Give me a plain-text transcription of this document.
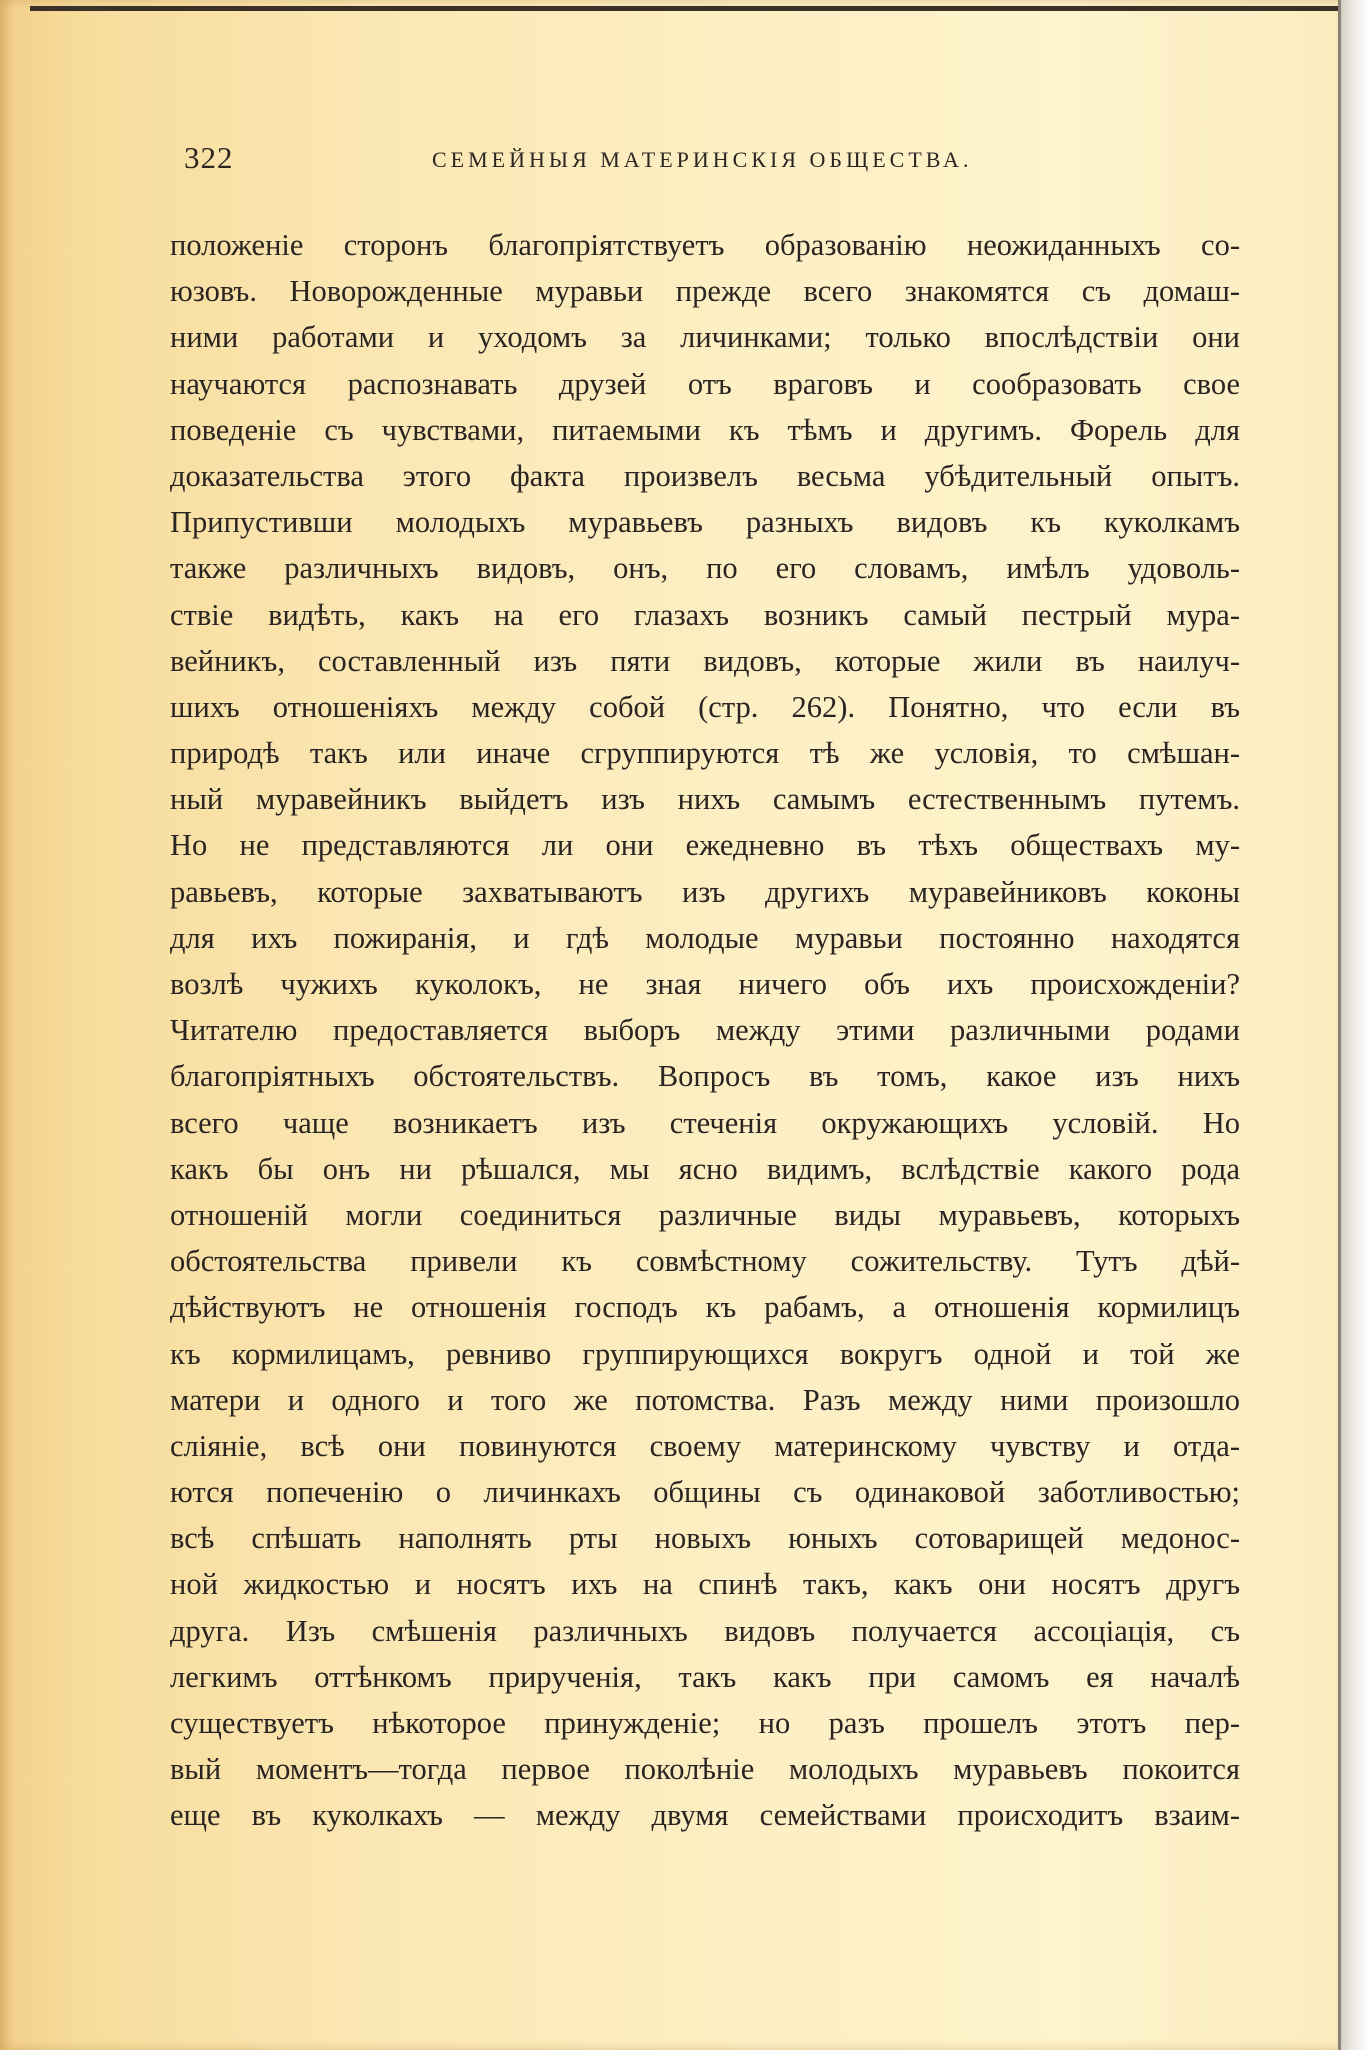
322	СЕМЕЙНЫЯ МАТЕРИНСКІЯ ОБЩЕСТВА.
положеніе сторонъ благопріятствуетъ образованію неожиданныхъ со-
юзовъ. Новорожденные муравьи прежде всего знакомятся съ домаш-
ними работами и уходомъ за личинками; только впослѣдствіи они
научаются распознавать друзей отъ враговъ и сообразовать свое
поведеніе съ чувствами, питаемыми къ тѣмъ и другимъ. Форель для
доказательства этого факта произвелъ весьма убѣдительный опытъ.
Припустивши молодыхъ муравьевъ разныхъ видовъ къ куколкамъ
также различныхъ видовъ, онъ, по его словамъ, имѣлъ удоволь-
ствіе видѣть, какъ на его глазахъ возникъ самый пестрый мура-
вейникъ, составленный изъ пяти видовъ, которые жили въ наилуч-
шихъ отношеніяхъ между собой (стр. 262). Понятно, что если въ
природѣ такъ или иначе сгруппируются тѣ же условія, то смѣшан-
ный муравейникъ выйдетъ изъ нихъ самымъ естественнымъ путемъ.
Но не представляются ли они ежедневно въ тѣхъ обществахъ му-
равьевъ, которые захватываютъ изъ другихъ муравейниковъ коконы
для ихъ пожиранія, и гдѣ молодые муравьи постоянно находятся
возлѣ чужихъ куколокъ, не зная ничего объ ихъ происхожденіи?
Читателю предоставляется выборъ между этими различными родами
благопріятныхъ обстоятельствъ. Вопросъ въ томъ, какое изъ нихъ
всего чаще возникаетъ изъ стеченія окружающихъ условій. Но
какъ бы онъ ни рѣшался, мы ясно видимъ, вслѣдствіе какого рода
отношеній могли соединиться различные виды муравьевъ, которыхъ
обстоятельства привели къ совмѣстному сожительству. Тутъ дѣй-
дѣйствуютъ не отношенія господъ къ рабамъ, а отношенія кормилицъ
къ кормилицамъ, ревниво группирующихся вокругъ одной и той же
матери и одного и того же потомства. Разъ между ними произошло
сліяніе, всѣ они повинуются своему материнскому чувству и отда-
ются попеченію о личинкахъ общины съ одинаковой заботливостью;
всѣ спѣшать наполнять рты новыхъ юныхъ сотоварищей медонос-
ной жидкостью и носятъ ихъ на спинѣ такъ, какъ они носятъ другъ
друга. Изъ смѣшенія различныхъ видовъ получается ассоціація, съ
легкимъ оттѣнкомъ прирученія, такъ какъ при самомъ ея началѣ
существуетъ нѣкоторое принужденіе; но разъ прошелъ этотъ пер-
вый моментъ—тогда первое поколѣніе молодыхъ муравьевъ покоится
еще въ куколкахъ — между двумя семействами происходитъ взаим-
